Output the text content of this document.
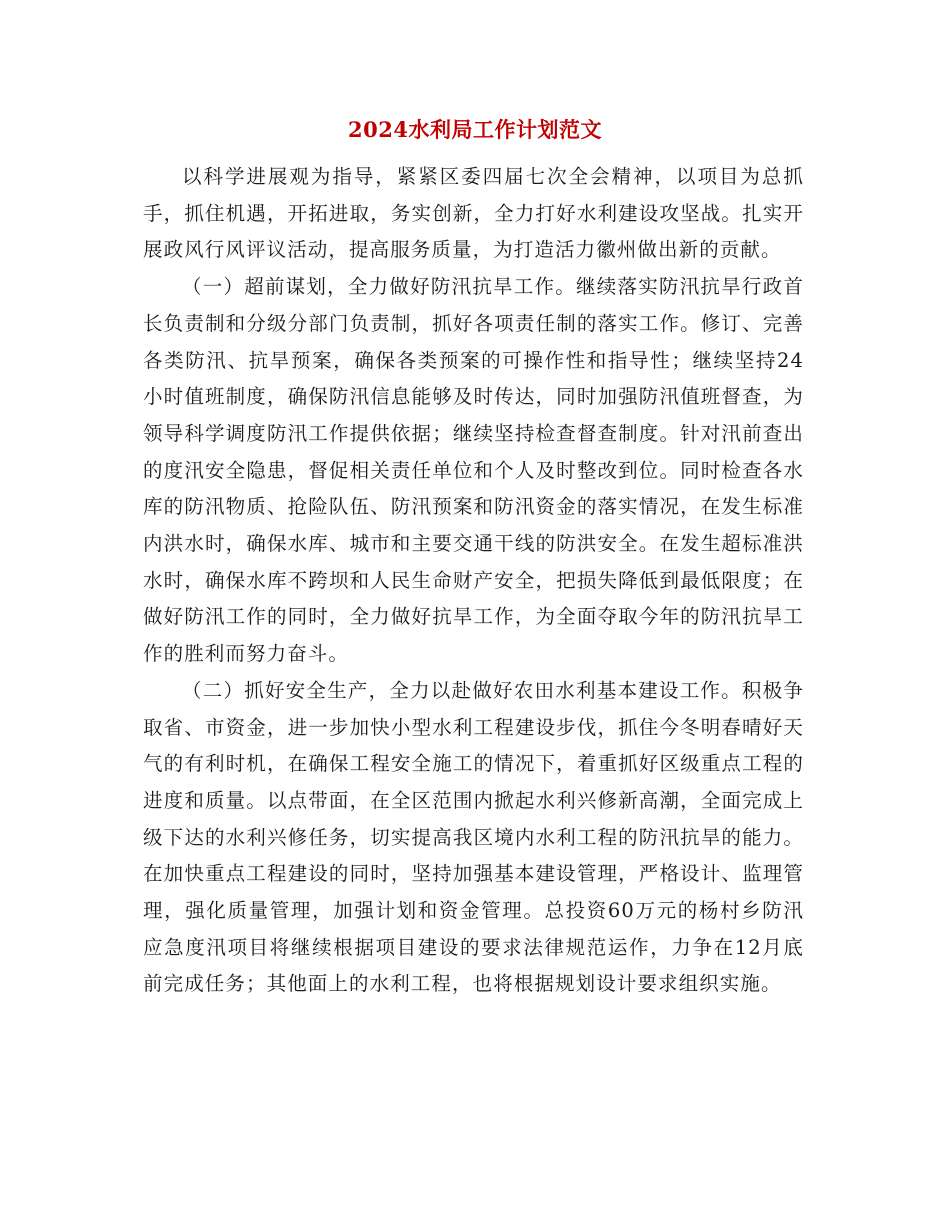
2024水利局工作计划范文

以科学进展观为指导，紧紧区委四届七次全会精神，以项目为总抓手，抓住机遇，开拓进取，务实创新，全力打好水利建设攻坚战。扎实开展政风行风评议活动，提高服务质量，为打造活力徽州做出新的贡献。

（一）超前谋划，全力做好防汛抗旱工作。继续落实防汛抗旱行政首长负责制和分级分部门负责制，抓好各项责任制的落实工作。修订、完善各类防汛、抗旱预案，确保各类预案的可操作性和指导性；继续坚持24小时值班制度，确保防汛信息能够及时传达，同时加强防汛值班督查，为领导科学调度防汛工作提供依据；继续坚持检查督查制度。针对汛前查出的度汛安全隐患，督促相关责任单位和个人及时整改到位。同时检查各水库的防汛物质、抢险队伍、防汛预案和防汛资金的落实情况，在发生标准内洪水时，确保水库、城市和主要交通干线的防洪安全。在发生超标准洪水时，确保水库不跨坝和人民生命财产安全，把损失降低到最低限度；在做好防汛工作的同时，全力做好抗旱工作，为全面夺取今年的防汛抗旱工作的胜利而努力奋斗。

（二）抓好安全生产，全力以赴做好农田水利基本建设工作。积极争取省、市资金，进一步加快小型水利工程建设步伐，抓住今冬明春晴好天气的有利时机，在确保工程安全施工的情况下，着重抓好区级重点工程的进度和质量。以点带面，在全区范围内掀起水利兴修新高潮，全面完成上级下达的水利兴修任务，切实提高我区境内水利工程的防汛抗旱的能力。在加快重点工程建设的同时，坚持加强基本建设管理，严格设计、监理管理，强化质量管理，加强计划和资金管理。总投资60万元的杨村乡防汛应急度汛项目将继续根据项目建设的要求法律规范运作，力争在12月底前完成任务；其他面上的水利工程，也将根据规划设计要求组织实施。
